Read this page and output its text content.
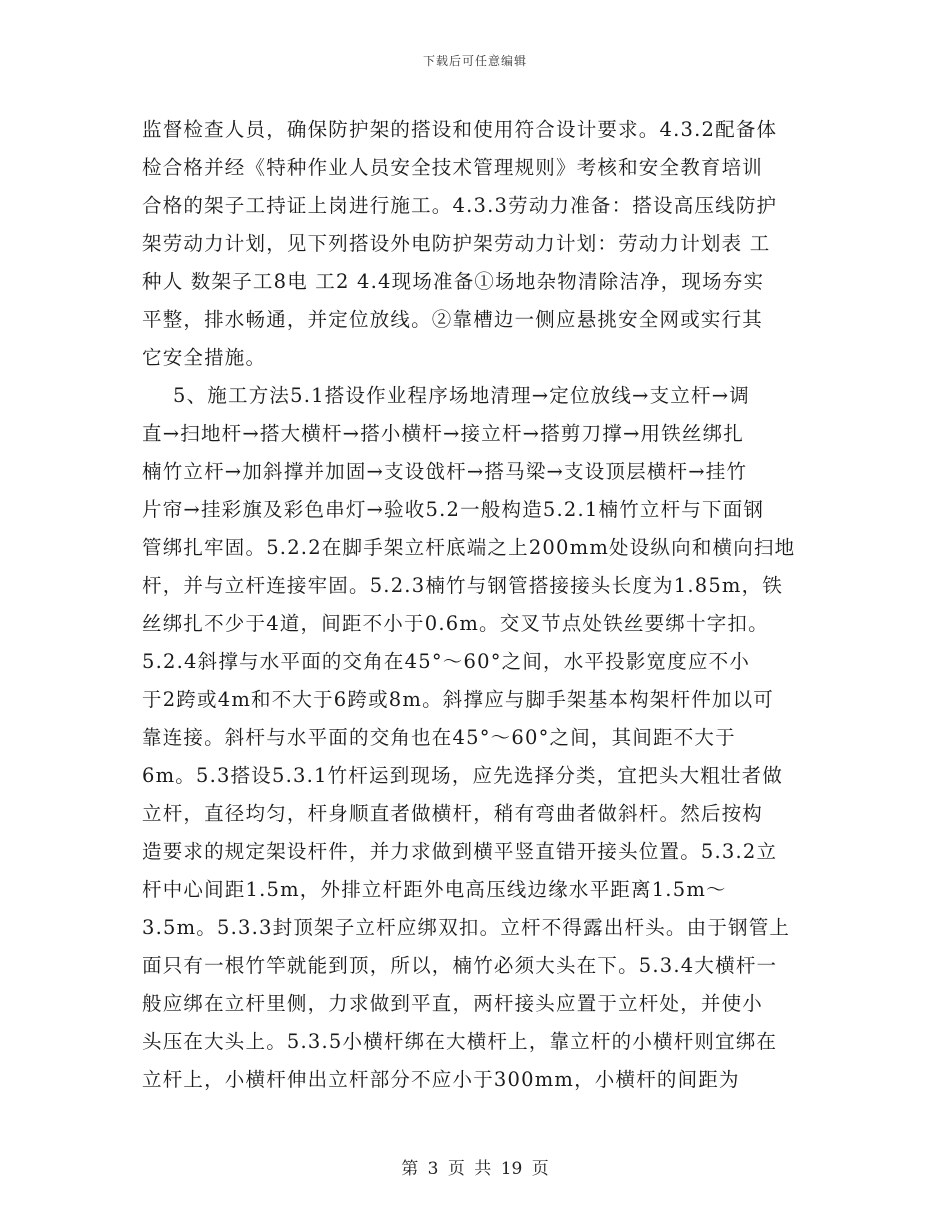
下载后可任意编辑
监督检查人员，确保防护架的搭设和使用符合设计要求。4.3.2配备体
检合格并经《特种作业人员安全技术管理规则》考核和安全教育培训
合格的架子工持证上岗进行施工。4.3.3劳动力准备：搭设高压线防护
架劳动力计划，见下列搭设外电防护架劳动力计划：劳动力计划表 工
种人 数架子工8电 工2 4.4现场准备①场地杂物清除洁净，现场夯实
平整，排水畅通，并定位放线。②靠槽边一侧应悬挑安全网或实行其
它安全措施。
5、施工方法5.1搭设作业程序场地清理→定位放线→支立杆→调
直→扫地杆→搭大横杆→搭小横杆→接立杆→搭剪刀撑→用铁丝绑扎
楠竹立杆→加斜撑并加固→支设戗杆→搭马梁→支设顶层横杆→挂竹
片帘→挂彩旗及彩色串灯→验收5.2一般构造5.2.1楠竹立杆与下面钢
管绑扎牢固。5.2.2在脚手架立杆底端之上200mm处设纵向和横向扫地
杆，并与立杆连接牢固。5.2.3楠竹与钢管搭接接头长度为1.85m，铁
丝绑扎不少于4道，间距不小于0.6m。交叉节点处铁丝要绑十字扣。
5.2.4斜撑与水平面的交角在45°～60°之间，水平投影宽度应不小
于2跨或4m和不大于6跨或8m。斜撑应与脚手架基本构架杆件加以可
靠连接。斜杆与水平面的交角也在45°～60°之间，其间距不大于
6m。5.3搭设5.3.1竹杆运到现场，应先选择分类，宜把头大粗壮者做
立杆，直径均匀，杆身顺直者做横杆，稍有弯曲者做斜杆。然后按构
造要求的规定架设杆件，并力求做到横平竖直错开接头位置。5.3.2立
杆中心间距1.5m，外排立杆距外电高压线边缘水平距离1.5m～
3.5m。5.3.3封顶架子立杆应绑双扣。立杆不得露出杆头。由于钢管上
面只有一根竹竿就能到顶，所以，楠竹必须大头在下。5.3.4大横杆一
般应绑在立杆里侧，力求做到平直，两杆接头应置于立杆处，并使小
头压在大头上。5.3.5小横杆绑在大横杆上，靠立杆的小横杆则宜绑在
立杆上，小横杆伸出立杆部分不应小于300mm，小横杆的间距为
第 3 页 共 19 页
